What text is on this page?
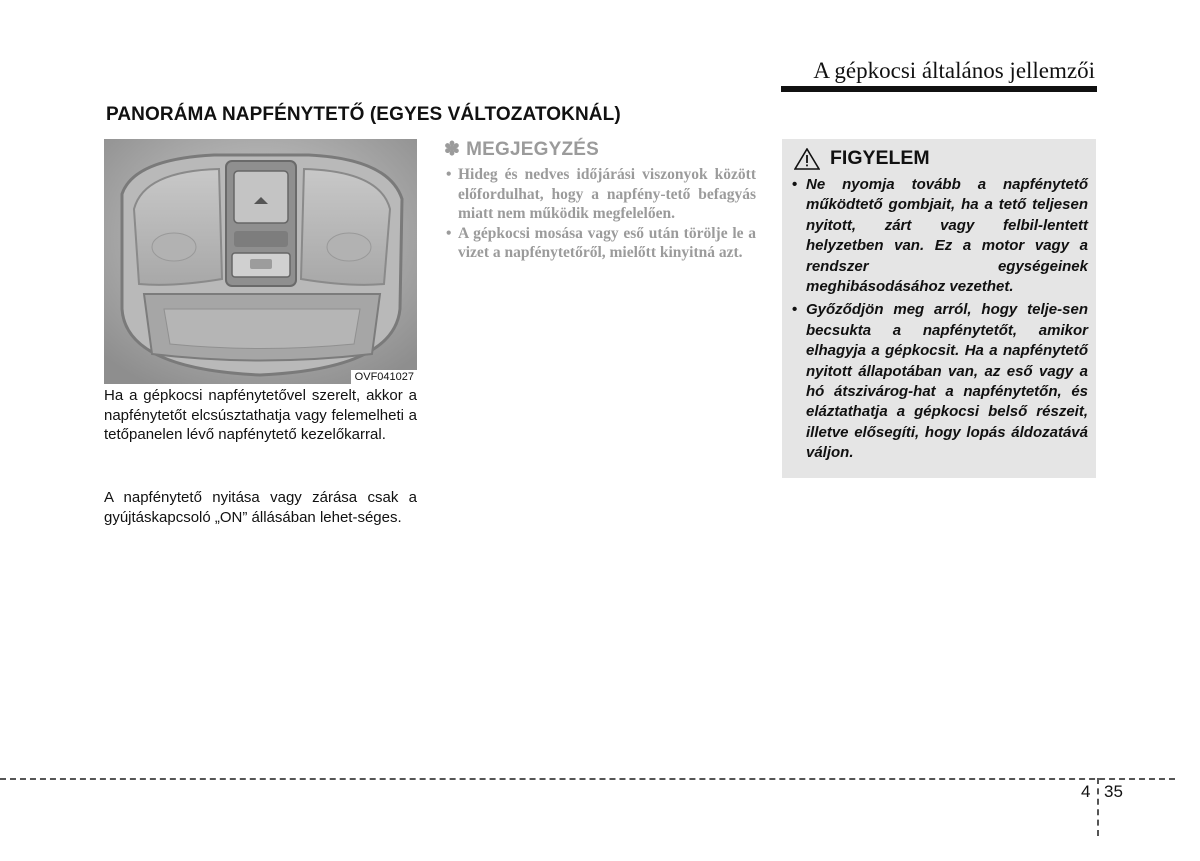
A gépkocsi általános jellemzői
PANORÁMA NAPFÉNYTETŐ (EGYES VÁLTOZATOKNÁL)
OVF041027
Ha a gépkocsi napfénytetővel szerelt, akkor a napfénytetőt elcsúsztathatja vagy felemelheti a tetőpanelen lévő napfénytető kezelőkarral.
A napfénytető nyitása vagy zárása csak a gyújtáskapcsoló „ON” állásában lehet-séges.
✽ MEGJEGYZÉS
• Hideg és nedves időjárási viszonyok között előfordulhat, hogy a napfény-tető befagyás miatt nem működik megfelelően.
• A gépkocsi mosása vagy eső után törölje le a vizet a napfénytetőről, mielőtt kinyitná azt.
FIGYELEM
• Ne nyomja tovább a napfénytető működtető gombjait, ha a tető teljesen nyitott, zárt vagy felbil-lentett helyzetben van. Ez a motor vagy a rendszer egységeinek meghibásodásához vezethet.
• Győződjön meg arról, hogy telje-sen becsukta a napfénytetőt, amikor elhagyja a gépkocsit. Ha a napfénytető nyitott állapotában van, az eső vagy a hó átszivárog-hat a napfénytetőn, és eláztathatja a gépkocsi belső részeit, illetve elősegíti, hogy lopás áldozatává váljon.
4 35
